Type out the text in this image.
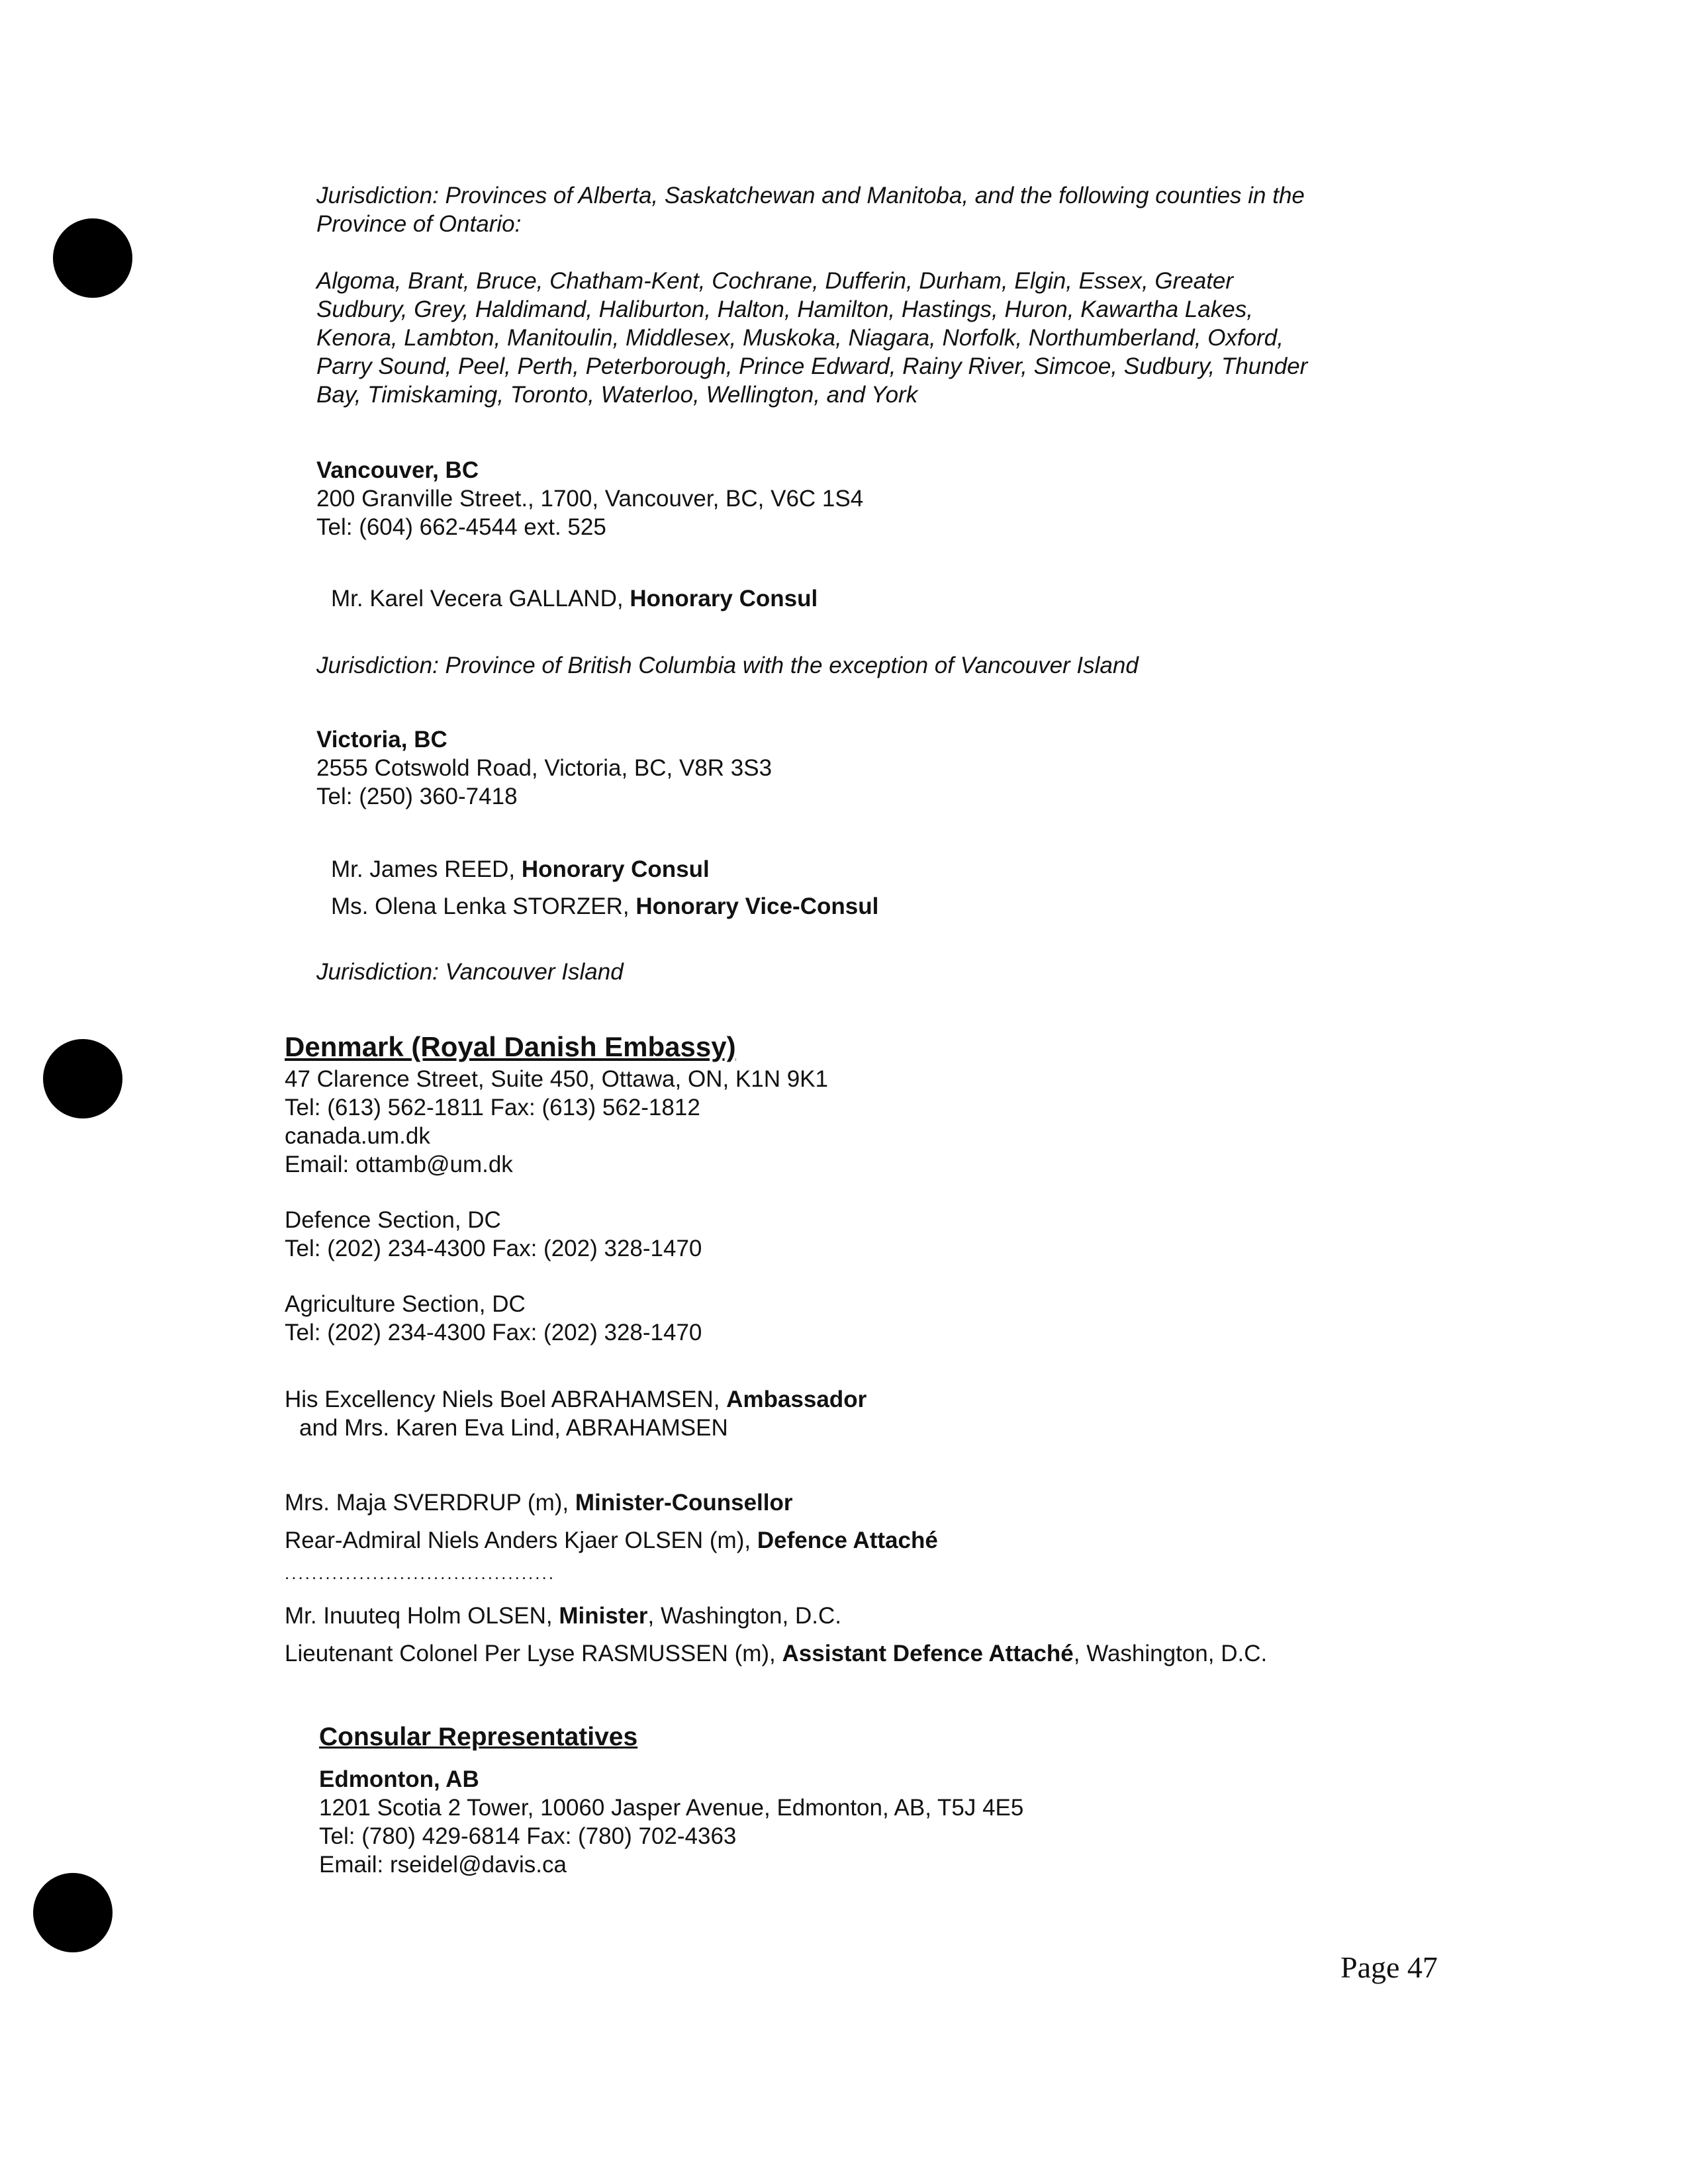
Jurisdiction: Provinces of Alberta, Saskatchewan and Manitoba, and the following counties in the
Province of Ontario:
Algoma, Brant, Bruce, Chatham-Kent, Cochrane, Dufferin, Durham, Elgin, Essex, Greater
Sudbury, Grey, Haldimand, Haliburton, Halton, Hamilton, Hastings, Huron, Kawartha Lakes,
Kenora, Lambton, Manitoulin, Middlesex, Muskoka, Niagara, Norfolk, Northumberland, Oxford,
Parry Sound, Peel, Perth, Peterborough, Prince Edward, Rainy River, Simcoe, Sudbury, Thunder
Bay, Timiskaming, Toronto, Waterloo, Wellington, and York
Vancouver, BC
200 Granville Street., 1700, Vancouver, BC, V6C 1S4
Tel: (604) 662-4544 ext. 525
Mr. Karel Vecera GALLAND, Honorary Consul
Jurisdiction: Province of British Columbia with the exception of Vancouver Island
Victoria, BC
2555 Cotswold Road, Victoria, BC, V8R 3S3
Tel: (250) 360-7418
Mr. James REED, Honorary Consul
Ms. Olena Lenka STORZER, Honorary Vice-Consul
Jurisdiction: Vancouver Island
Denmark (Royal Danish Embassy)
47 Clarence Street, Suite 450, Ottawa, ON, K1N 9K1
Tel: (613) 562-1811 Fax: (613) 562-1812
canada.um.dk
Email: ottamb@um.dk
Defence Section, DC
Tel: (202) 234-4300 Fax: (202) 328-1470
Agriculture Section, DC
Tel: (202) 234-4300 Fax: (202) 328-1470
His Excellency Niels Boel ABRAHAMSEN, Ambassador
and Mrs. Karen Eva Lind, ABRAHAMSEN
Mrs. Maja SVERDRUP (m), Minister-Counsellor
Rear-Admiral Niels Anders Kjaer OLSEN (m), Defence Attaché
........................................
Mr. Inuuteq Holm OLSEN, Minister, Washington, D.C.
Lieutenant Colonel Per Lyse RASMUSSEN (m), Assistant Defence Attaché, Washington, D.C.
Consular Representatives
Edmonton, AB
1201 Scotia 2 Tower, 10060 Jasper Avenue, Edmonton, AB, T5J 4E5
Tel: (780) 429-6814 Fax: (780) 702-4363
Email: rseidel@davis.ca
Page 47
